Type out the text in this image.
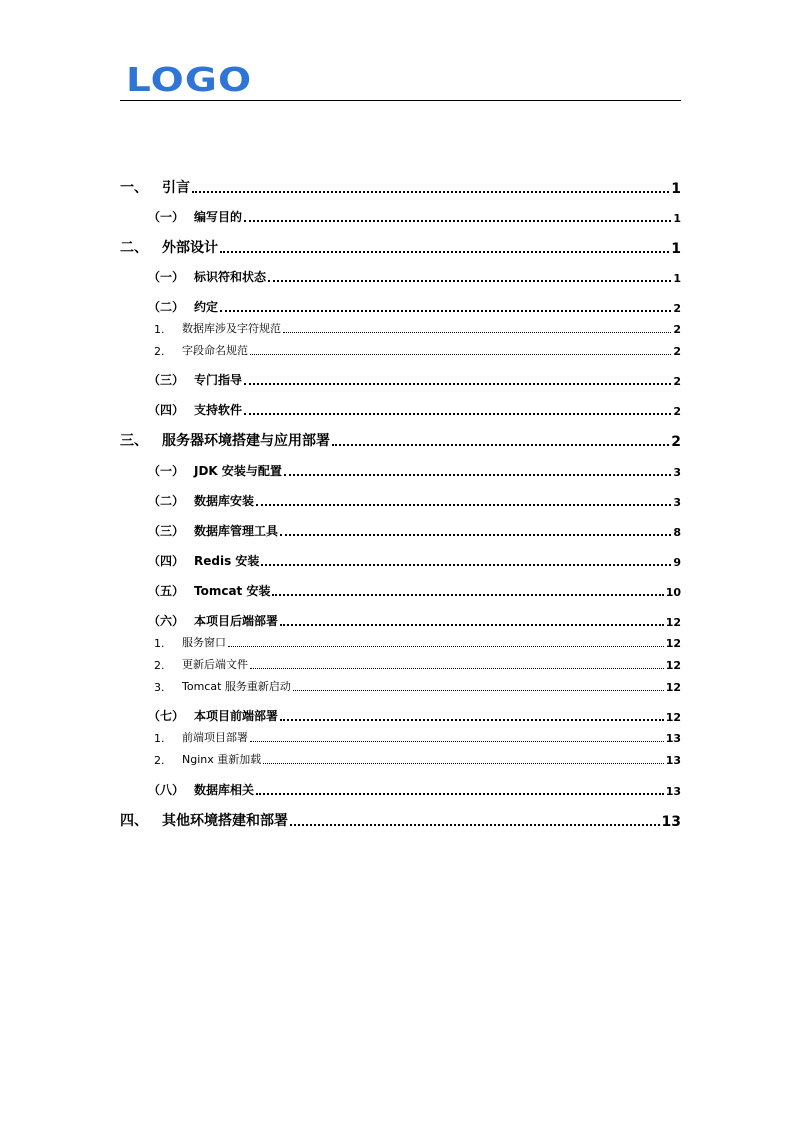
LOGO
一、	引言	1
（一） 编写目的	1
二、	外部设计	1
（一） 标识符和状态	1
（二） 约定	2
1.	数据库涉及字符规范	2
2.	字段命名规范	2
（三） 专门指导	2
（四） 支持软件	2
三、	服务器环境搭建与应用部署	2
（一） JDK 安装与配置	3
（二） 数据库安装	3
（三） 数据库管理工具	8
（四） Redis 安装	9
（五） Tomcat 安装	10
（六） 本项目后端部署	12
1.	服务窗口	12
2.	更新后端文件	12
3.	Tomcat 服务重新启动	12
（七） 本项目前端部署	12
1.	前端项目部署	13
2.	Nginx 重新加载	13
（八） 数据库相关	13
四、	其他环境搭建和部署	13
